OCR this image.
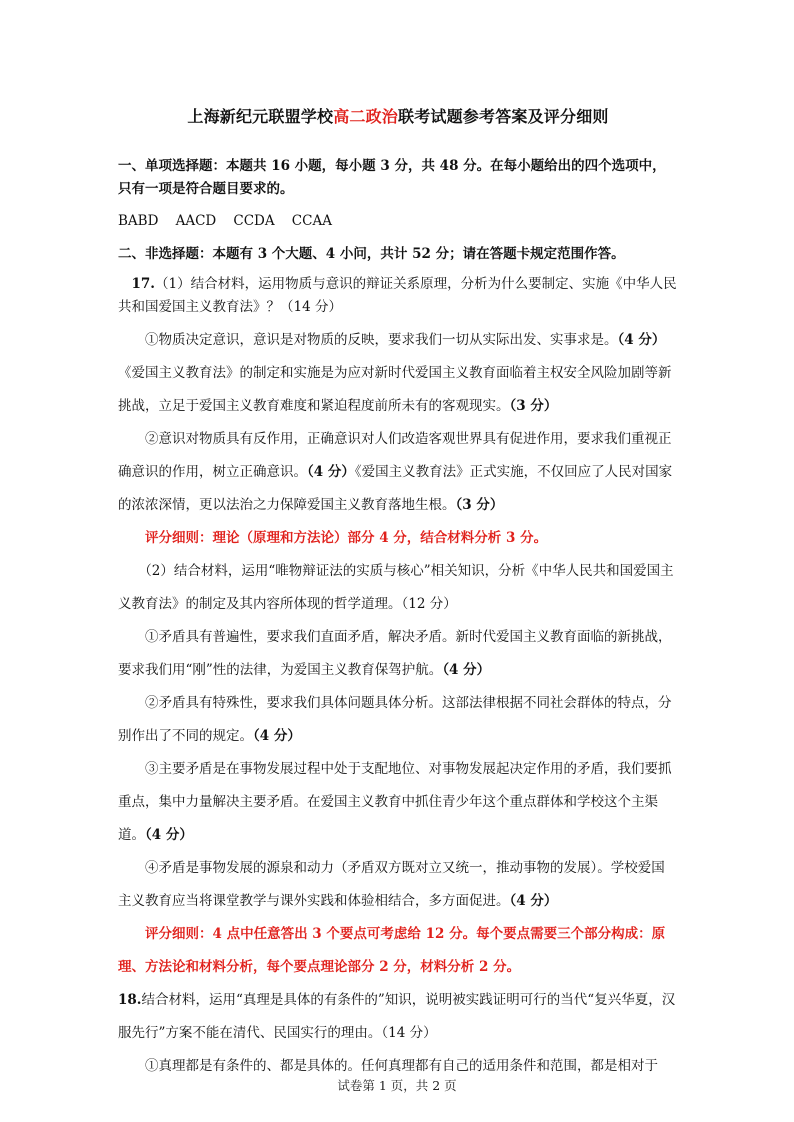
上海新纪元联盟学校高二政治联考试题参考答案及评分细则

一、单项选择题：本题共 16 小题，每小题 3 分，共 48 分。在每小题给出的四个选项中，只有一项是符合题目要求的。

BABD    AACD    CCDA    CCAA

二、非选择题：本题有 3 个大题、4 小问，共计 52 分；请在答题卡规定范围作答。

17.（1）结合材料，运用物质与意识的辩证关系原理，分析为什么要制定、实施《中华人民共和国爱国主义教育法》？（14 分）

①物质决定意识，意识是对物质的反映，要求我们一切从实际出发、实事求是。（4 分）

《爱国主义教育法》的制定和实施是为应对新时代爱国主义教育面临着主权安全风险加剧等新挑战，立足于爱国主义教育难度和紧迫程度前所未有的客观现实。（3 分）

②意识对物质具有反作用，正确意识对人们改造客观世界具有促进作用，要求我们重视正确意识的作用，树立正确意识。（4 分）《爱国主义教育法》正式实施，不仅回应了人民对国家的浓浓深情，更以法治之力保障爱国主义教育落地生根。（3 分）

评分细则：理论（原理和方法论）部分 4 分，结合材料分析 3 分。

（2）结合材料，运用“唯物辩证法的实质与核心”相关知识，分析《中华人民共和国爱国主义教育法》的制定及其内容所体现的哲学道理。（12 分）

①矛盾具有普遍性，要求我们直面矛盾，解决矛盾。新时代爱国主义教育面临的新挑战，要求我们用“刚”性的法律，为爱国主义教育保驾护航。（4 分）

②矛盾具有特殊性，要求我们具体问题具体分析。这部法律根据不同社会群体的特点，分别作出了不同的规定。（4 分）

③主要矛盾是在事物发展过程中处于支配地位、对事物发展起决定作用的矛盾，我们要抓重点，集中力量解决主要矛盾。在爱国主义教育中抓住青少年这个重点群体和学校这个主渠道。（4 分）

④矛盾是事物发展的源泉和动力（矛盾双方既对立又统一，推动事物的发展）。学校爱国主义教育应当将课堂教学与课外实践和体验相结合，多方面促进。（4 分）

评分细则：4 点中任意答出 3 个要点可考虑给 12 分。每个要点需要三个部分构成：原理、方法论和材料分析，每个要点理论部分 2 分，材料分析 2 分。

18.结合材料，运用“真理是具体的有条件的”知识，说明被实践证明可行的当代“复兴华夏，汉服先行”方案不能在清代、民国实行的理由。（14 分）

①真理都是有条件的、都是具体的。任何真理都有自己的适用条件和范围，都是相对于

试卷第 1 页，共 2 页
